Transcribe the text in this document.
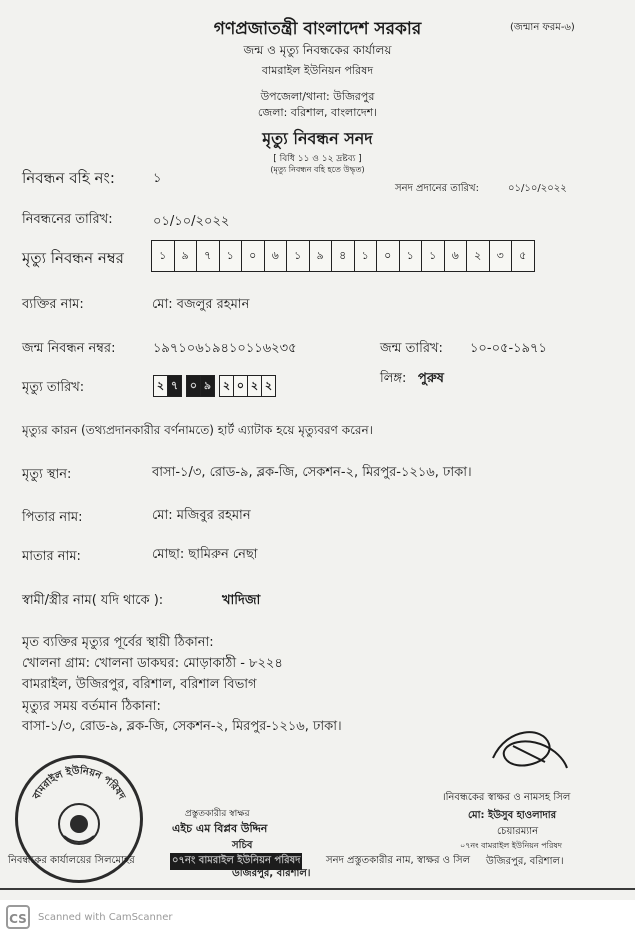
গণপ্রজাতন্ত্রী বাংলাদেশ সরকার	(জন্মান ফরম-৬)
জন্ম ও মৃত্যু নিবন্ধকের কার্যালয়
বামরাইল ইউনিয়ন পরিষদ
উপজেলা/থানা: উজিরপুর
জেলা: বরিশাল, বাংলাদেশ।
মৃত্যু নিবন্ধন সনদ
[ বিধি ১১ ও ১২ দ্রষ্টব্য ]
(মৃত্যু নিবন্ধন বহি হতে উদ্ধৃত)
নিবন্ধন বহি নং:	১
সনদ প্রদানের তারিখ:	০১/১০/২০২২
নিবন্ধনের তারিখ:	০১/১০/২০২২
মৃত্যু নিবন্ধন নম্বর	১	৯	৭	১	০	৬	১	৯	৪	১	০	১	১	৬	২	৩	৫
ব্যক্তির নাম:	মো: বজলুর রহমান
জন্ম নিবন্ধন নম্বর:	১৯৭১০৬১৯৪১০১১৬২৩৫	জন্ম তারিখ: ১০-০৫-১৯৭১
মৃত্যু তারিখ:	২ ৭	০ ৯	২ ০ ২ ২	লিঙ্গ: পুরুষ
মৃত্যুর কারন (তথ্যপ্রদানকারীর বর্ণনামতে) হার্ট এ্যাটাক হয়ে মৃত্যুবরণ করেন।
মৃত্যু স্থান:	বাসা-১/৩, রোড-৯, ব্লক-জি, সেকশন-২, মিরপুর-১২১৬, ঢাকা।
পিতার নাম:	মো: মজিবুর রহমান
মাতার নাম:	মোছা: ছামিরুন নেছা
স্বামী/স্ত্রীর নাম( যদি থাকে ):	খাদিজা
মৃত ব্যক্তির মৃত্যুর পূর্বের স্থায়ী ঠিকানা:
খোলনা গ্রাম: খোলনা ডাকঘর: মোড়াকাঠী - ৮২২৪
বামরাইল, উজিরপুর, বরিশাল, বরিশাল বিভাগ
মৃত্যুর সময় বর্তমান ঠিকানা:
বাসা-১/৩, রোড-৯, ব্লক-জি, সেকশন-২, মিরপুর-১২১৬, ঢাকা।
বামরাইল ইউনিয়ন পরিষদ	।নিবন্ধকের স্বাক্ষর ও নামসহ সিল
মো: ইউসুব হাওলাদার
চেয়ারম্যান
০৭নং বামরাইল ইউনিয়ন পরিষদ
উজিরপুর, বরিশাল।
প্রস্তুতকারীর স্বাক্ষর
এইচ এম বিপ্লব উদ্দিন
সচিব
নিবন্ধকের কার্যালয়ের সিলমোহর	০৭নং বামরাইল ইউনিয়ন পরিষদ	সনদ প্রস্তুতকারীর নাম, স্বাক্ষর ও সিল
উজিরপুর, বরিশাল।
CS	Scanned with CamScanner
